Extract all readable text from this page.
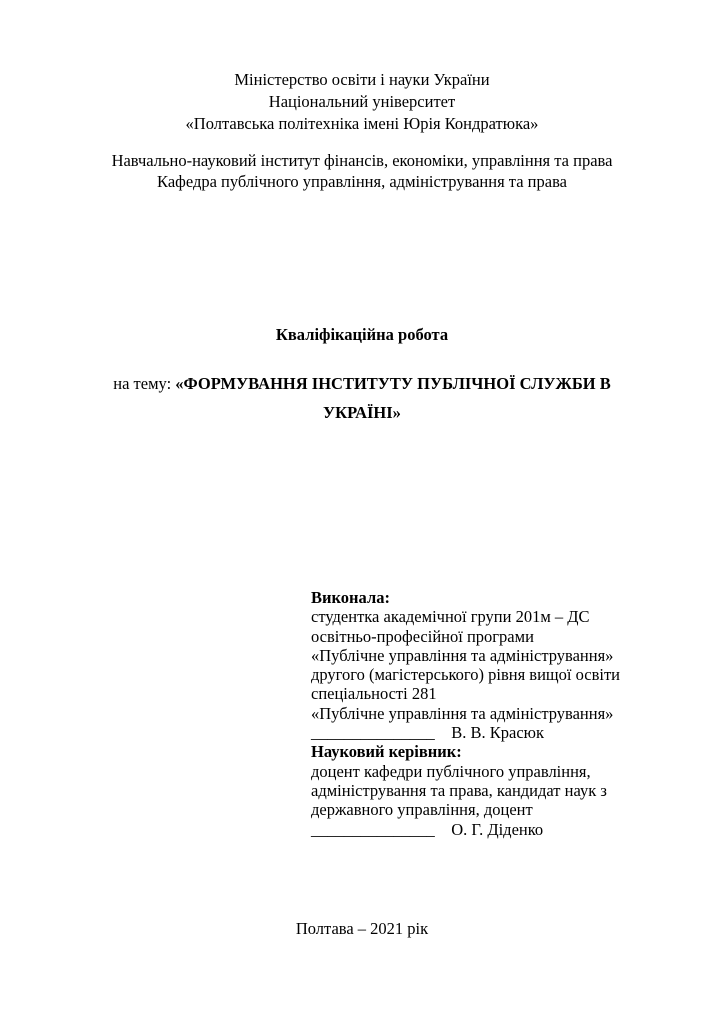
Міністерство освіти і науки України
Національний університет
«Полтавська політехніка імені Юрія Кондратюка»
Навчально-науковий інститут фінансів, економіки, управління та права
Кафедра публічного управління, адміністрування та права
Кваліфікаційна робота
на тему: «ФОРМУВАННЯ ІНСТИТУТУ ПУБЛІЧНОЇ СЛУЖБИ В
УКРАЇНІ»
Виконала:
студентка академічної групи 201м – ДС
освітньо-професійної програми
«Публічне управління та адміністрування»
другого (магістерського) рівня вищої освіти
спеціальності 281
«Публічне управління та адміністрування»
_______________ В. В. Красюк
Науковий керівник:
доцент кафедри публічного управління,
адміністрування та права, кандидат наук з
державного управління, доцент
_______________ О. Г. Діденко
Полтава – 2021 рік
